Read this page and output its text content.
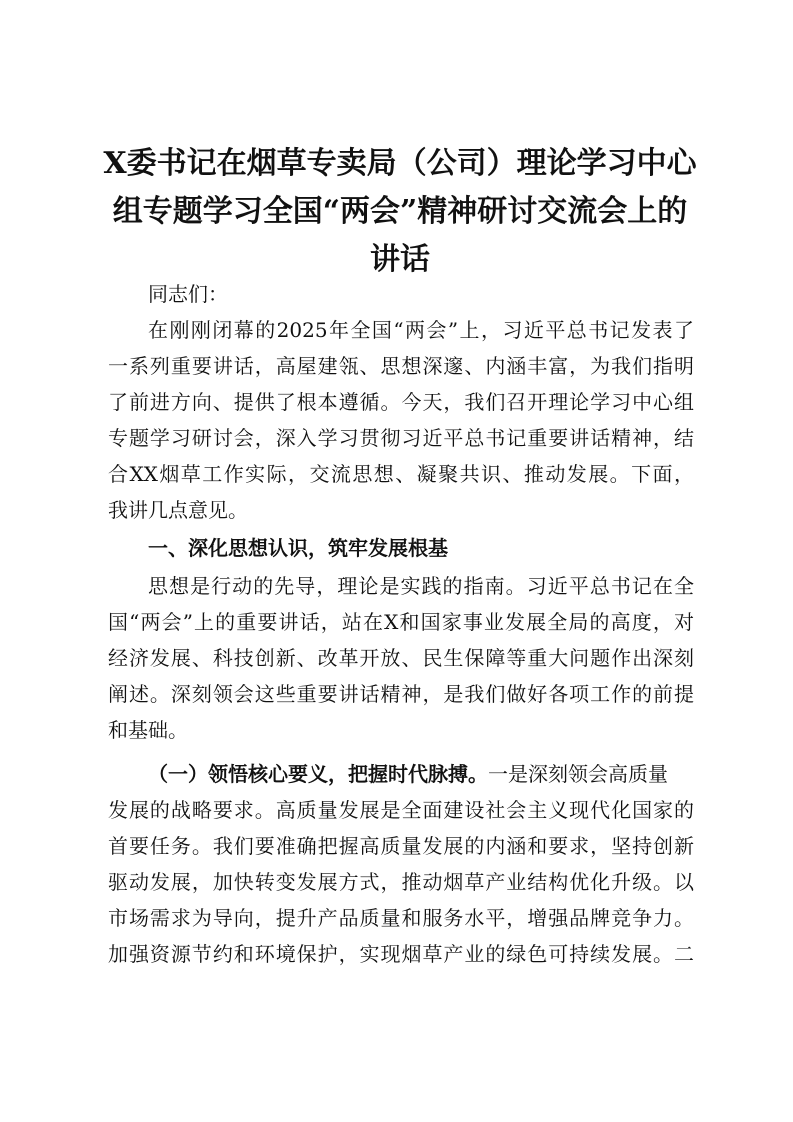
X委书记在烟草专卖局（公司）理论学习中心

组专题学习全国“两会”精神研讨交流会上的

讲话

同志们：

在刚刚闭幕的2025年全国“两会”上，习近平总书记发表了

一系列重要讲话，高屋建瓴、思想深邃、内涵丰富，为我们指明

了前进方向、提供了根本遵循。今天，我们召开理论学习中心组

专题学习研讨会，深入学习贯彻习近平总书记重要讲话精神，结

合XX烟草工作实际，交流思想、凝聚共识、推动发展。下面，

我讲几点意见。

一、深化思想认识，筑牢发展根基

思想是行动的先导，理论是实践的指南。习近平总书记在全

国“两会”上的重要讲话，站在X和国家事业发展全局的高度，对

经济发展、科技创新、改革开放、民生保障等重大问题作出深刻

阐述。深刻领会这些重要讲话精神，是我们做好各项工作的前提

和基础。

（一）领悟核心要义，把握时代脉搏。一是深刻领会高质量

发展的战略要求。高质量发展是全面建设社会主义现代化国家的

首要任务。我们要准确把握高质量发展的内涵和要求，坚持创新

驱动发展，加快转变发展方式，推动烟草产业结构优化升级。以

市场需求为导向，提升产品质量和服务水平，增强品牌竞争力。

加强资源节约和环境保护，实现烟草产业的绿色可持续发展。二
